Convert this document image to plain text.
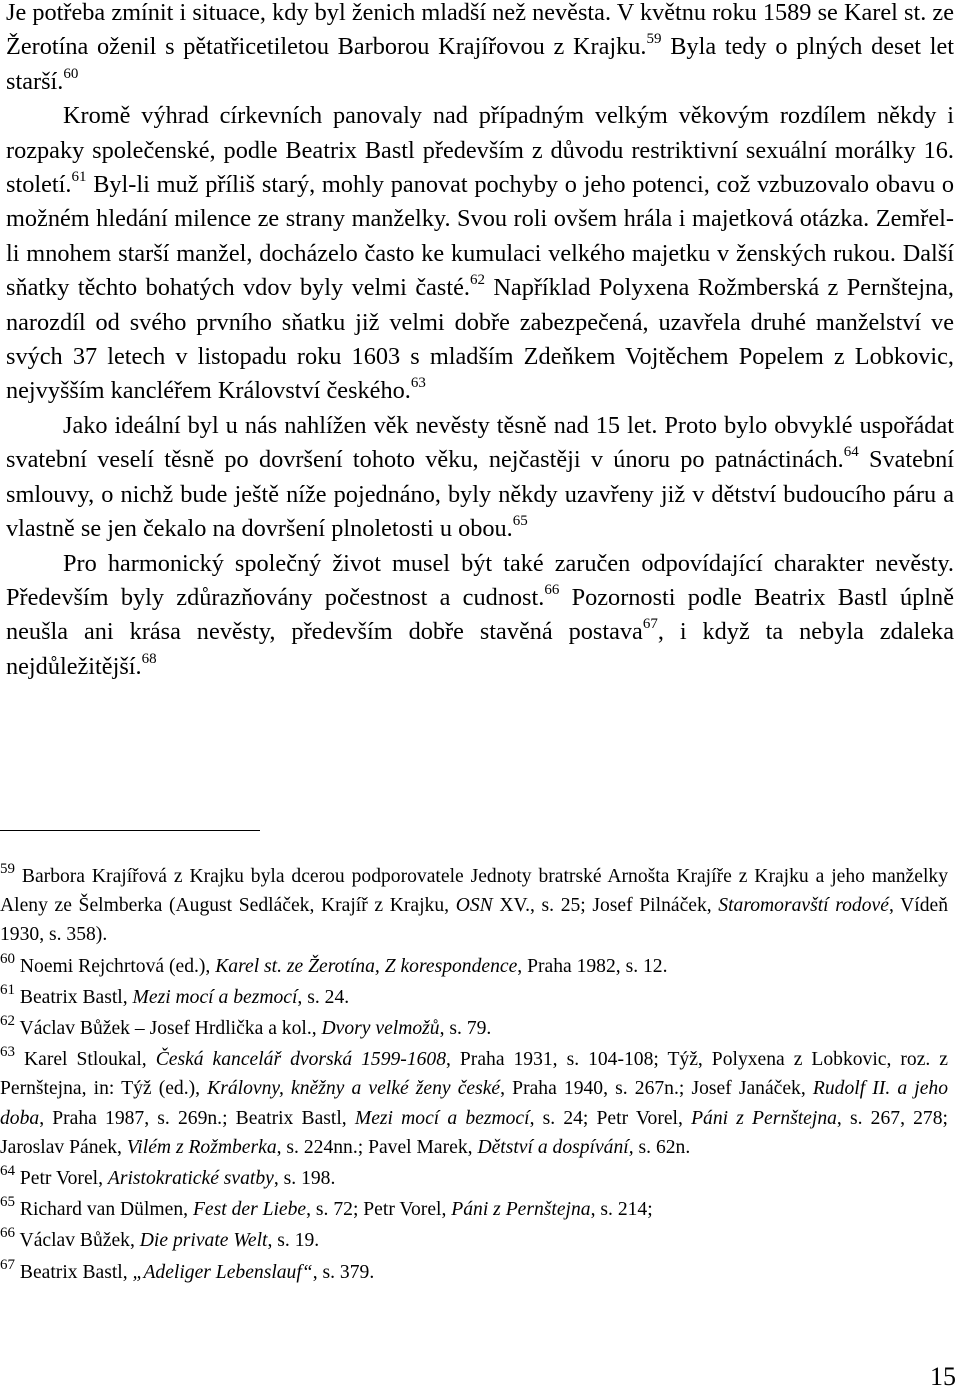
Je potřeba zmínit i situace, kdy byl ženich mladší než nevěsta. V květnu roku 1589 se Karel st. ze Žerotína oženil s pětatřicetiletou Barborou Krajířovou z Krajku.$^{59}$ Byla tedy o plných deset let starší.$^{60}$

Kromě výhrad církevních panovaly nad případným velkým věkovým rozdílem někdy i rozpaky společenské, podle Beatrix Bastl především z důvodu restriktivní sexuální morálky 16. století.$^{61}$ Byl-li muž příliš starý, mohly panovat pochyby o jeho potenci, což vzbuzovalo obavu o možném hledání milence ze strany manželky. Svou roli ovšem hrála i majetková otázka. Zemřel-li mnohem starší manžel, docházelo často ke kumulaci velkého majetku v ženských rukou. Další sňatky těchto bohatých vdov byly velmi časté.$^{62}$ Například Polyxena Rožmberská z Pernštejna, narozdíl od svého prvního sňatku již velmi dobře zabezpečená, uzavřela druhé manželství ve svých 37 letech v listopadu roku 1603 s mladším Zdeňkem Vojtěchem Popelem z Lobkovic, nejvyšším kancléřem Království českého.$^{63}$

Jako ideální byl u nás nahlížen věk nevěsty těsně nad 15 let. Proto bylo obvyklé uspořádat svatební veselí těsně po dovršení tohoto věku, nejčastěji v únoru po patnáctinách.$^{64}$ Svatební smlouvy, o nichž bude ještě níže pojednáno, byly někdy uzavřeny již v dětství budoucího páru a vlastně se jen čekalo na dovršení plnoletosti u obou.$^{65}$

Pro harmonický společný život musel být také zaručen odpovídající charakter nevěsty. Především byly zdůrazňovány počestnost a cudnost.$^{66}$ Pozornosti podle Beatrix Bastl úplně neušla ani krása nevěsty, především dobře stavěná postava$^{67}$, i když ta nebyla zdaleka nejdůležitější.$^{68}$

$^{59}$ Barbora Krajířová z Krajku byla dcerou podporovatele Jednoty bratrské Arnošta Krajíře z Krajku a jeho manželky Aleny ze Šelmberka (August Sedláček, Krajíř z Krajku, OSN XV., s. 25; Josef Pilnáček, Staromoravští rodové, Vídeň 1930, s. 358).

$^{60}$ Noemi Rejchrtová (ed.), Karel st. ze Žerotína, Z korespondence, Praha 1982, s. 12.

$^{61}$ Beatrix Bastl, Mezi mocí a bezmocí, s. 24.

$^{62}$ Václav Bůžek – Josef Hrdlička a kol., Dvory velmožů, s. 79.

$^{63}$ Karel Stloukal, Česká kancelář dvorská 1599-1608, Praha 1931, s. 104-108; Týž, Polyxena z Lobkovic, roz. z Pernštejna, in: Týž (ed.), Královny, kněžny a velké ženy české, Praha 1940, s. 267n.; Josef Janáček, Rudolf II. a jeho doba, Praha 1987, s. 269n.; Beatrix Bastl, Mezi mocí a bezmocí, s. 24; Petr Vorel, Páni z Pernštejna, s. 267, 278; Jaroslav Pánek, Vilém z Rožmberka, s. 224nn.; Pavel Marek, Dětství a dospívání, s. 62n.

$^{64}$ Petr Vorel, Aristokratické svatby, s. 198.

$^{65}$ Richard van Dülmen, Fest der Liebe, s. 72; Petr Vorel, Páni z Pernštejna, s. 214;

$^{66}$ Václav Bůžek, Die private Welt, s. 19.

$^{67}$ Beatrix Bastl, „Adeliger Lebenslauf“, s. 379.

15
